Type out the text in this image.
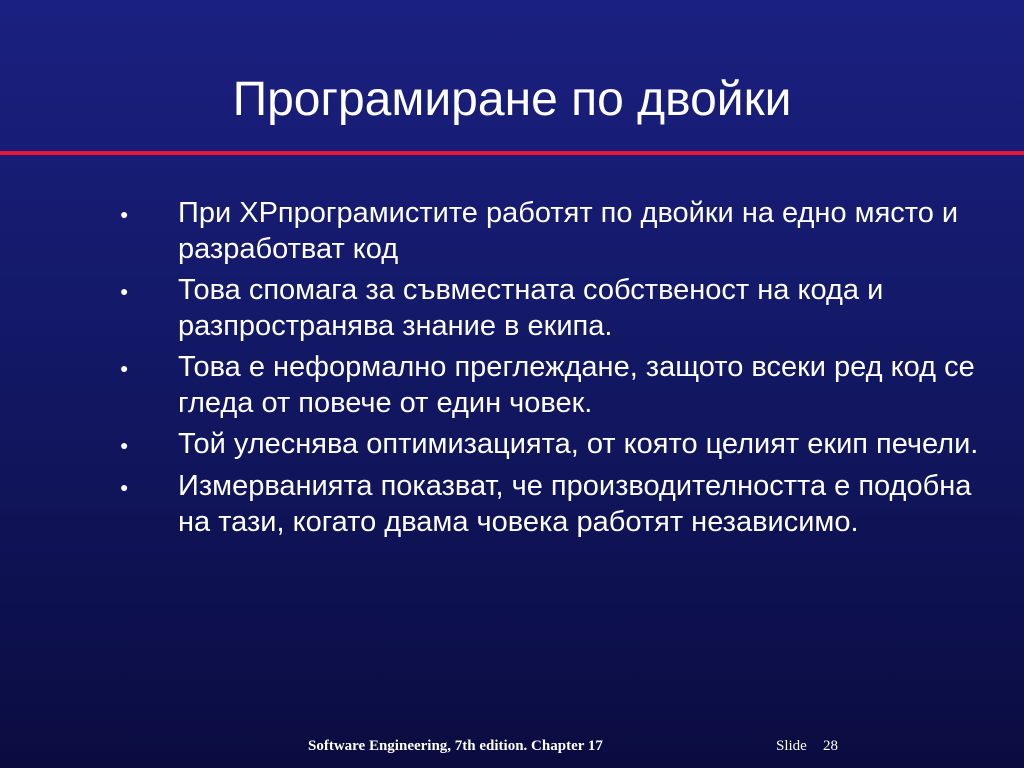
Програмиране по двойки
●	При XPпрограмистите работят по двойки на едно място и разработват код
●	Това спомага за съвместната собственост на кода и разпространява знание в екипа.
●	Това е неформално преглеждане, защото всеки ред код се гледа от повече от един човек.
●	Той улеснява оптимизацията, от която целият екип печели.
●	Измерванията показват, че производителността е подобна на тази, когато двама човека работят независимо.
Software Engineering, 7th edition. Chapter 17	Slide 28
